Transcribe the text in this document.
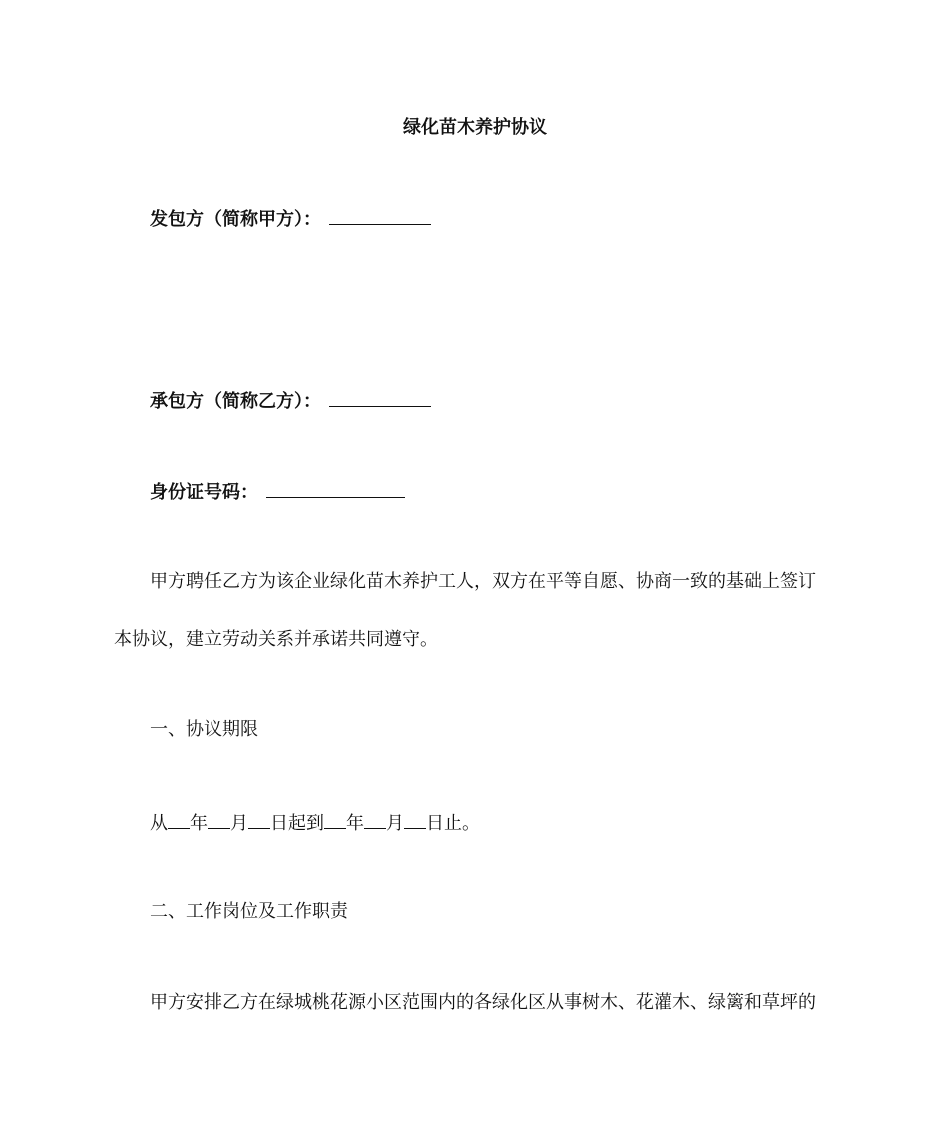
绿化苗木养护协议
发包方（简称甲方）：
承包方（简称乙方）：
身份证号码：
甲方聘任乙方为该企业绿化苗木养护工人，双方在平等自愿、协商一致的基础上签订
本协议，建立劳动关系并承诺共同遵守。
一、协议期限
从 年 月 日起到 年 月 日止。
二、工作岗位及工作职责
甲方安排乙方在绿城桃花源小区范围内的各绿化区从事树木、花灌木、绿篱和草坪的
